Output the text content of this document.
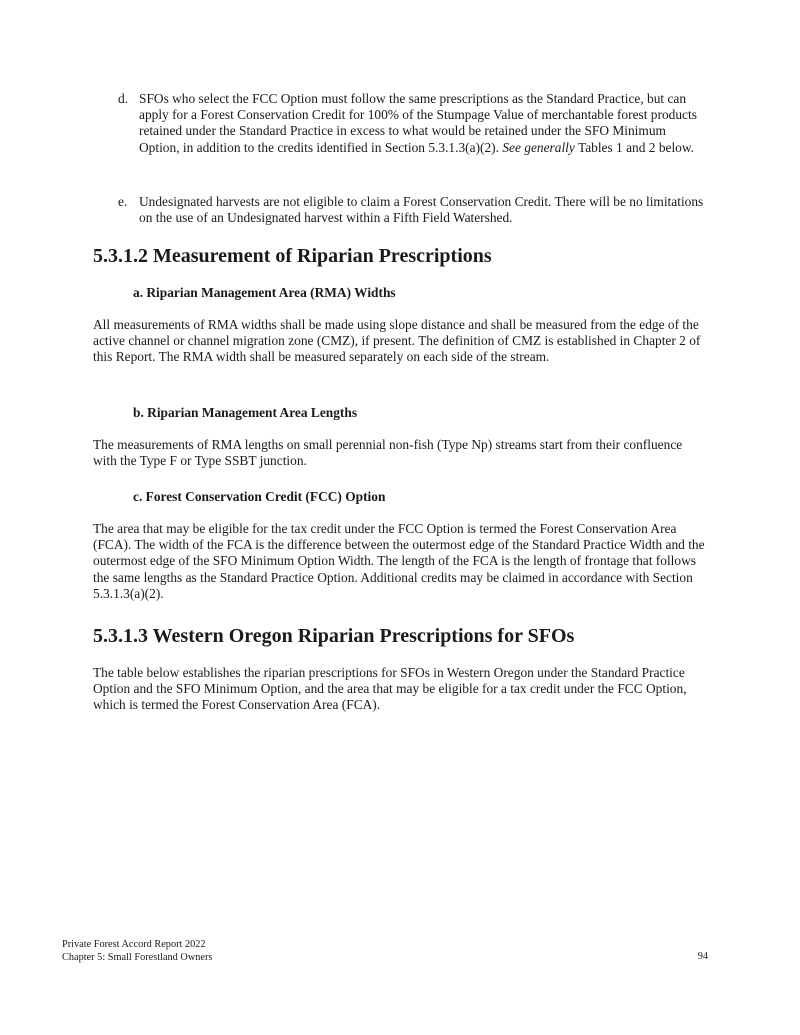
d. SFOs who select the FCC Option must follow the same prescriptions as the Standard Practice, but can apply for a Forest Conservation Credit for 100% of the Stumpage Value of merchantable forest products retained under the Standard Practice in excess to what would be retained under the SFO Minimum Option, in addition to the credits identified in Section 5.3.1.3(a)(2). See generally Tables 1 and 2 below.
e. Undesignated harvests are not eligible to claim a Forest Conservation Credit. There will be no limitations on the use of an Undesignated harvest within a Fifth Field Watershed.
5.3.1.2 Measurement of Riparian Prescriptions
a. Riparian Management Area (RMA) Widths

All measurements of RMA widths shall be made using slope distance and shall be measured from the edge of the active channel or channel migration zone (CMZ), if present. The definition of CMZ is established in Chapter 2 of this Report. The RMA width shall be measured separately on each side of the stream.

b. Riparian Management Area Lengths

The measurements of RMA lengths on small perennial non-fish (Type Np) streams start from their confluence with the Type F or Type SSBT junction.

c. Forest Conservation Credit (FCC) Option

The area that may be eligible for the tax credit under the FCC Option is termed the Forest Conservation Area (FCA). The width of the FCA is the difference between the outermost edge of the Standard Practice Width and the outermost edge of the SFO Minimum Option Width. The length of the FCA is the length of frontage that follows the same lengths as the Standard Practice Option. Additional credits may be claimed in accordance with Section 5.3.1.3(a)(2).

5.3.1.3 Western Oregon Riparian Prescriptions for SFOs

The table below establishes the riparian prescriptions for SFOs in Western Oregon under the Standard Practice Option and the SFO Minimum Option, and the area that may be eligible for a tax credit under the FCC Option, which is termed the Forest Conservation Area (FCA).

Private Forest Accord Report 2022
Chapter 5: Small Forestland Owners	94
